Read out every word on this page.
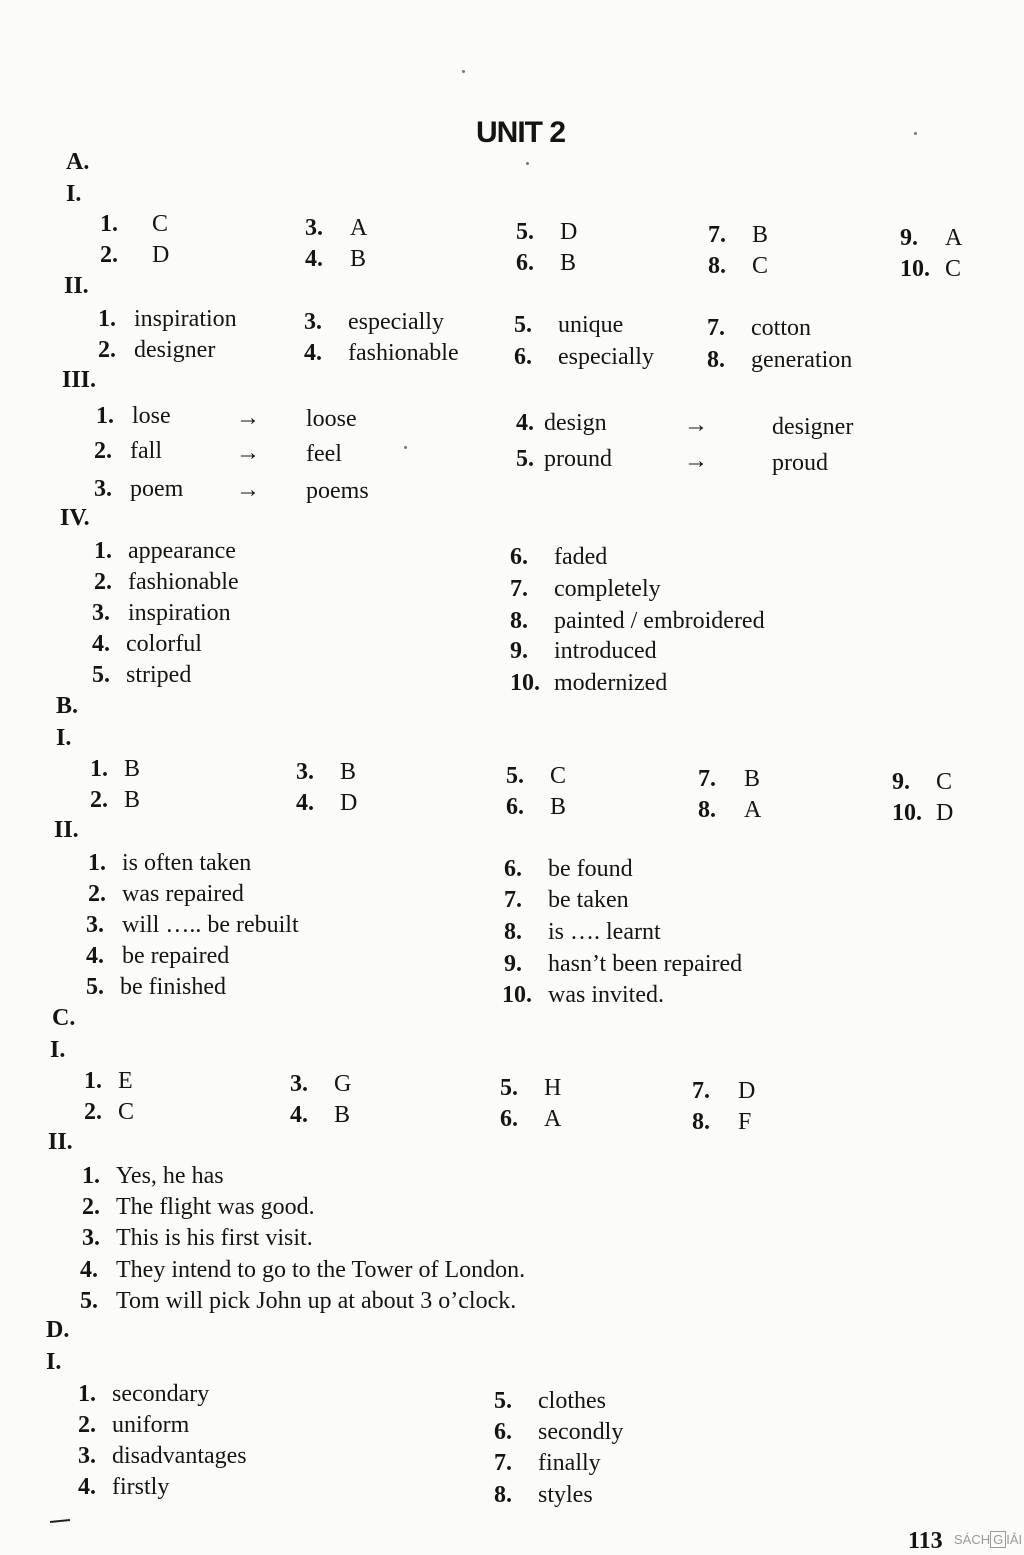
UNIT 2
A.
I.
1. C
2. D
3. A
4. B
5. D
6. B
7. B
8. C
9. A
10. C
II.
1. inspiration
2. designer
3. especially
4. fashionable
5. unique
6. especially
7. cotton
8. generation
III.
1. lose	→ loose
2. fall	→ feel
3. poem → poems
4. design	→	designer
5. pround	→	proud
IV.
1. appearance
2. fashionable
3. inspiration
4. colorful
5. striped
6. faded
7. completely
8. painted / embroidered
9. introduced
10. modernized
B.
I.
1. B
2. B
3. B
4. D
5. C
6. B
7. B
8. A
9. C
10. D
II.
1. is often taken
2. was repaired
3. will ….. be rebuilt
4. be repaired
5. be finished
6. be found
7. be taken
8. is …. learnt
9. hasn’t been repaired
10. was invited.
C.
I.
1. E
2. C
3. G
4. B
5. H
6. A
7. D
8. F
II.
1. Yes, he has
2. The flight was good.
3. This is his first visit.
4. They intend to go to the Tower of London.
5. Tom will pick John up at about 3 o’clock.
D.
I.
1. secondary
2. uniform
3. disadvantages
4. firstly
5. clothes
6. secondly
7. finally
8. styles
113 SÁCH G IẢI
